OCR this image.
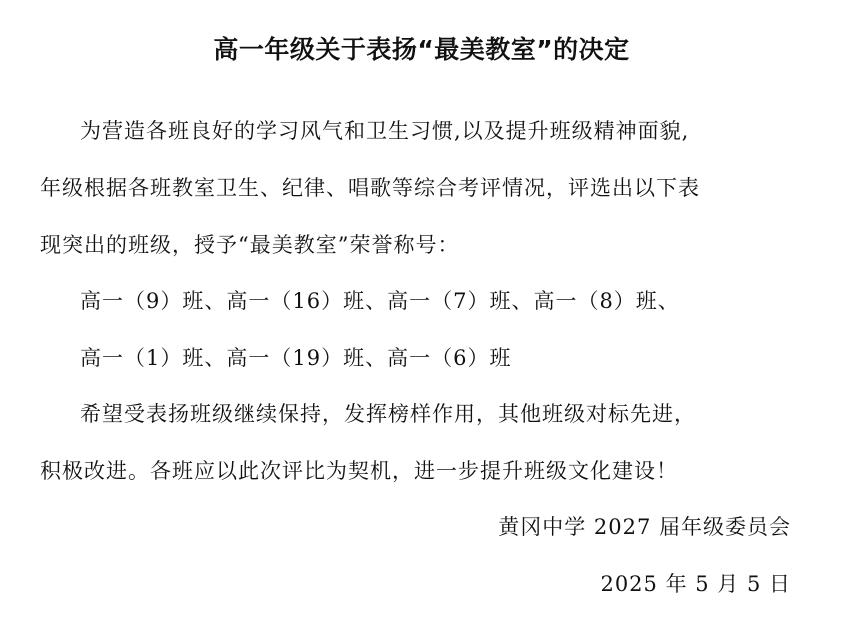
高一年级关于表扬“最美教室”的决定
为营造各班良好的学习风气和卫生习惯,以及提升班级精神面貌,
年级根据各班教室卫生、纪律、唱歌等综合考评情况，评选出以下表
现突出的班级，授予“最美教室”荣誉称号：
高一（9）班、高一（16）班、高一（7）班、高一（8）班、
高一（1）班、高一（19）班、高一（6）班
希望受表扬班级继续保持，发挥榜样作用，其他班级对标先进，
积极改进。各班应以此次评比为契机，进一步提升班级文化建设！
黄冈中学 2027 届年级委员会
2025 年 5 月 5 日
